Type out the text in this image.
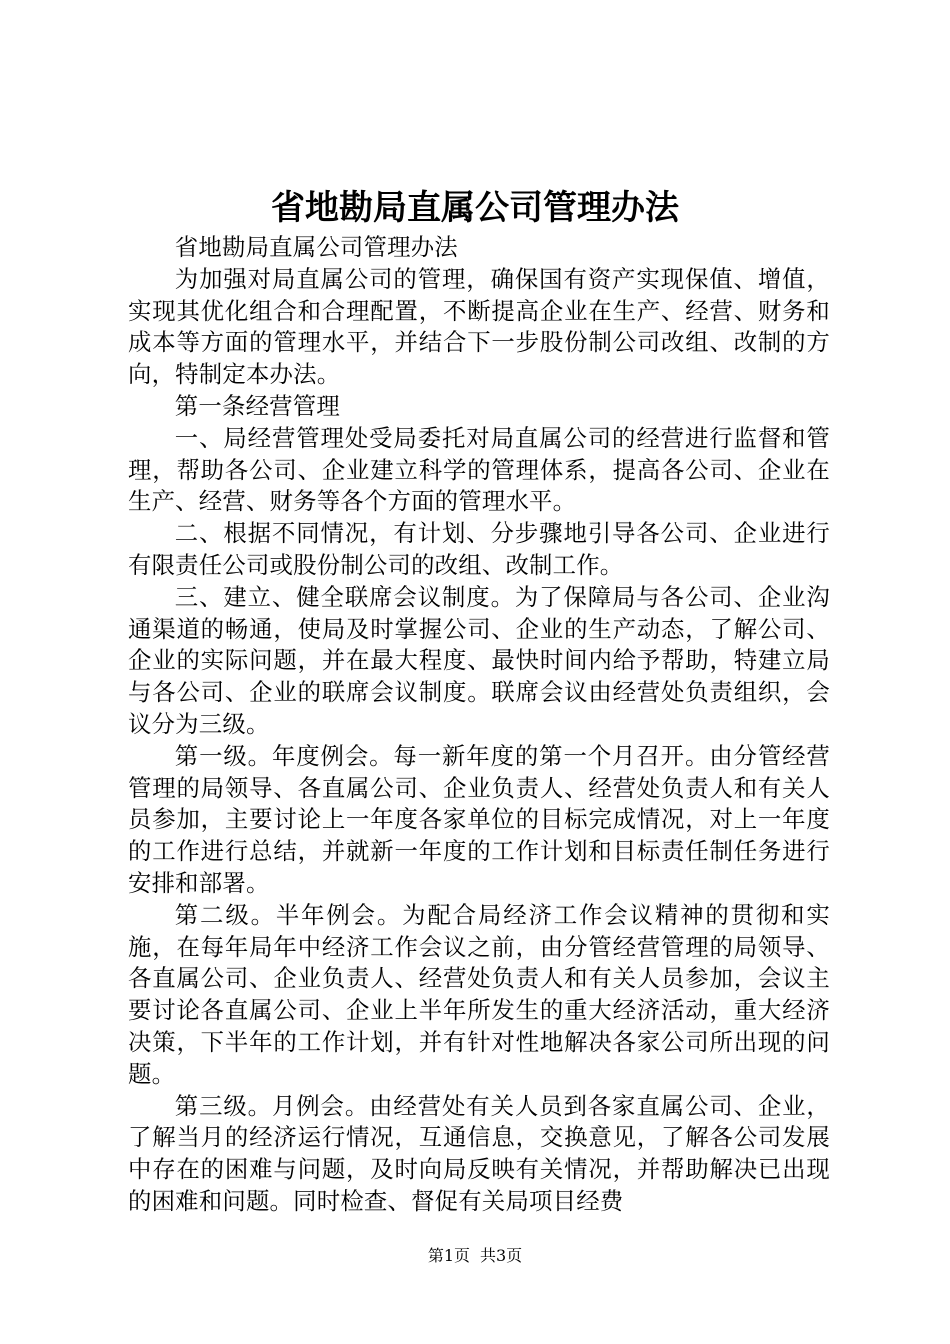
省地勘局直属公司管理办法

省地勘局直属公司管理办法

为加强对局直属公司的管理，确保国有资产实现保值、增值，实现其优化组合和合理配置，不断提高企业在生产、经营、财务和成本等方面的管理水平，并结合下一步股份制公司改组、改制的方向，特制定本办法。

第一条经营管理

一、局经营管理处受局委托对局直属公司的经营进行监督和管理，帮助各公司、企业建立科学的管理体系，提高各公司、企业在生产、经营、财务等各个方面的管理水平。

二、根据不同情况，有计划、分步骤地引导各公司、企业进行有限责任公司或股份制公司的改组、改制工作。

三、建立、健全联席会议制度。为了保障局与各公司、企业沟通渠道的畅通，使局及时掌握公司、企业的生产动态，了解公司、企业的实际问题，并在最大程度、最快时间内给予帮助，特建立局与各公司、企业的联席会议制度。联席会议由经营处负责组织，会议分为三级。

第一级。年度例会。每一新年度的第一个月召开。由分管经营管理的局领导、各直属公司、企业负责人、经营处负责人和有关人员参加，主要讨论上一年度各家单位的目标完成情况，对上一年度的工作进行总结，并就新一年度的工作计划和目标责任制任务进行安排和部署。

第二级。半年例会。为配合局经济工作会议精神的贯彻和实施，在每年局年中经济工作会议之前，由分管经营管理的局领导、各直属公司、企业负责人、经营处负责人和有关人员参加，会议主要讨论各直属公司、企业上半年所发生的重大经济活动，重大经济决策，下半年的工作计划，并有针对性地解决各家公司所出现的问题。

第三级。月例会。由经营处有关人员到各家直属公司、企业，了解当月的经济运行情况，互通信息，交换意见，了解各公司发展中存在的困难与问题，及时向局反映有关情况，并帮助解决已出现的困难和问题。同时检查、督促有关局项目经费

第1页 共3页
